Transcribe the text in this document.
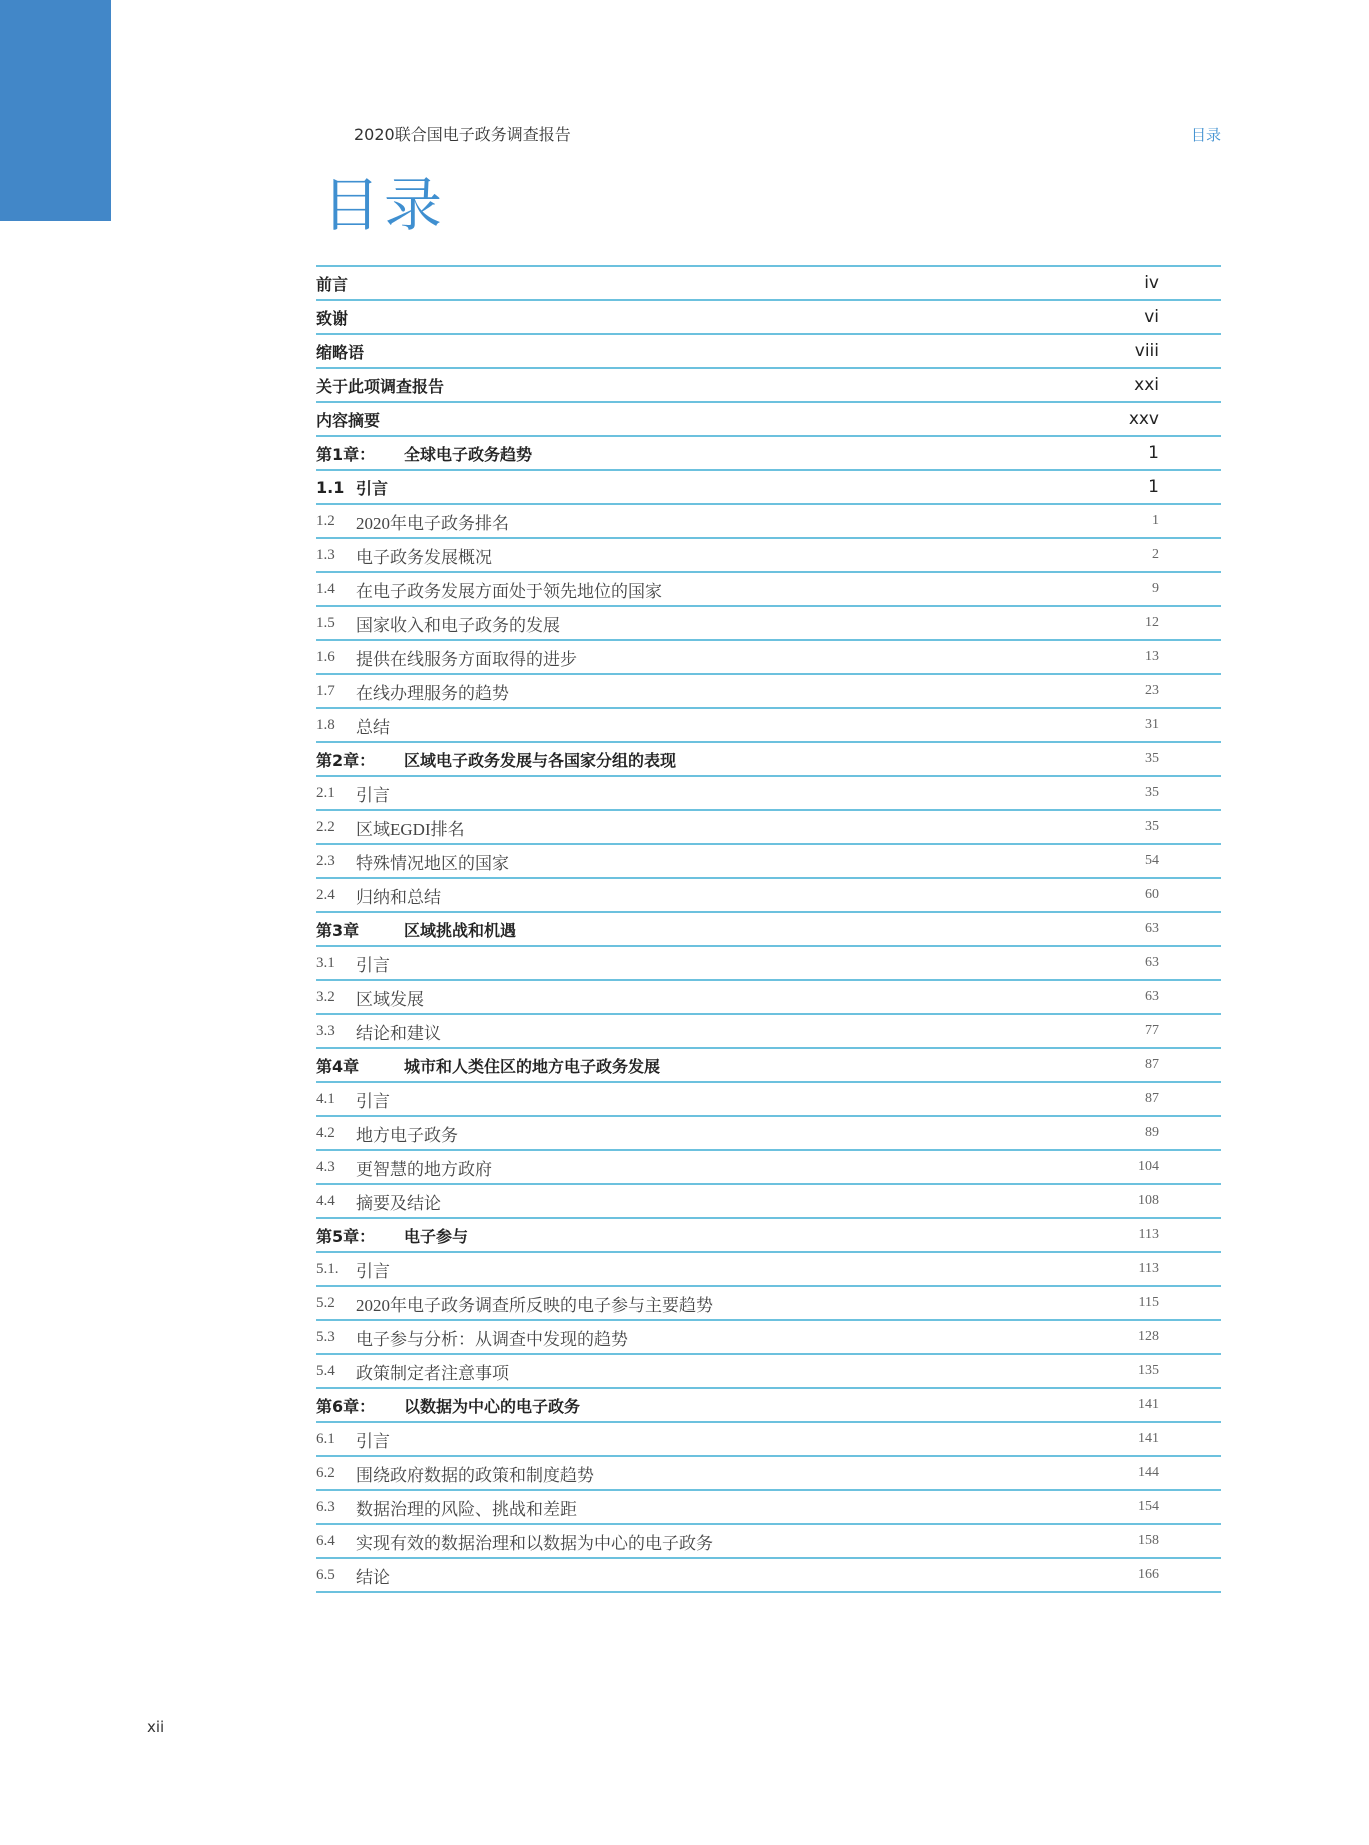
2020联合国电子政务调查报告	目录
目录
前言	iv
致谢	vi
缩略语	viii
关于此项调查报告	xxi
内容摘要	xxv
第1章：	全球电子政务趋势	1
1.1 引言	1
1.2	2020年电子政务排名	1
1.3	电子政务发展概况	2
1.4	在电子政务发展方面处于领先地位的国家	9
1.5	国家收入和电子政务的发展	12
1.6	提供在线服务方面取得的进步	13
1.7	在线办理服务的趋势	23
1.8	总结	31
第2章：	区域电子政务发展与各国家分组的表现	35
2.1	引言	35
2.2	区域EGDI排名	35
2.3	特殊情况地区的国家	54
2.4	归纳和总结	60
第3章	区域挑战和机遇	63
3.1	引言	63
3.2	区域发展	63
3.3	结论和建议	77
第4章	城市和人类住区的地方电子政务发展	87
4.1	引言	87
4.2	地方电子政务	89
4.3	更智慧的地方政府	104
4.4	摘要及结论	108
第5章：	电子参与	113
5.1.	引言	113
5.2	2020年电子政务调查所反映的电子参与主要趋势	115
5.3	电子参与分析：从调查中发现的趋势	128
5.4	政策制定者注意事项	135
第6章：	以数据为中心的电子政务	141
6.1	引言	141
6.2	围绕政府数据的政策和制度趋势	144
6.3	数据治理的风险、挑战和差距	154
6.4	实现有效的数据治理和以数据为中心的电子政务	158
6.5	结论	166
xii
